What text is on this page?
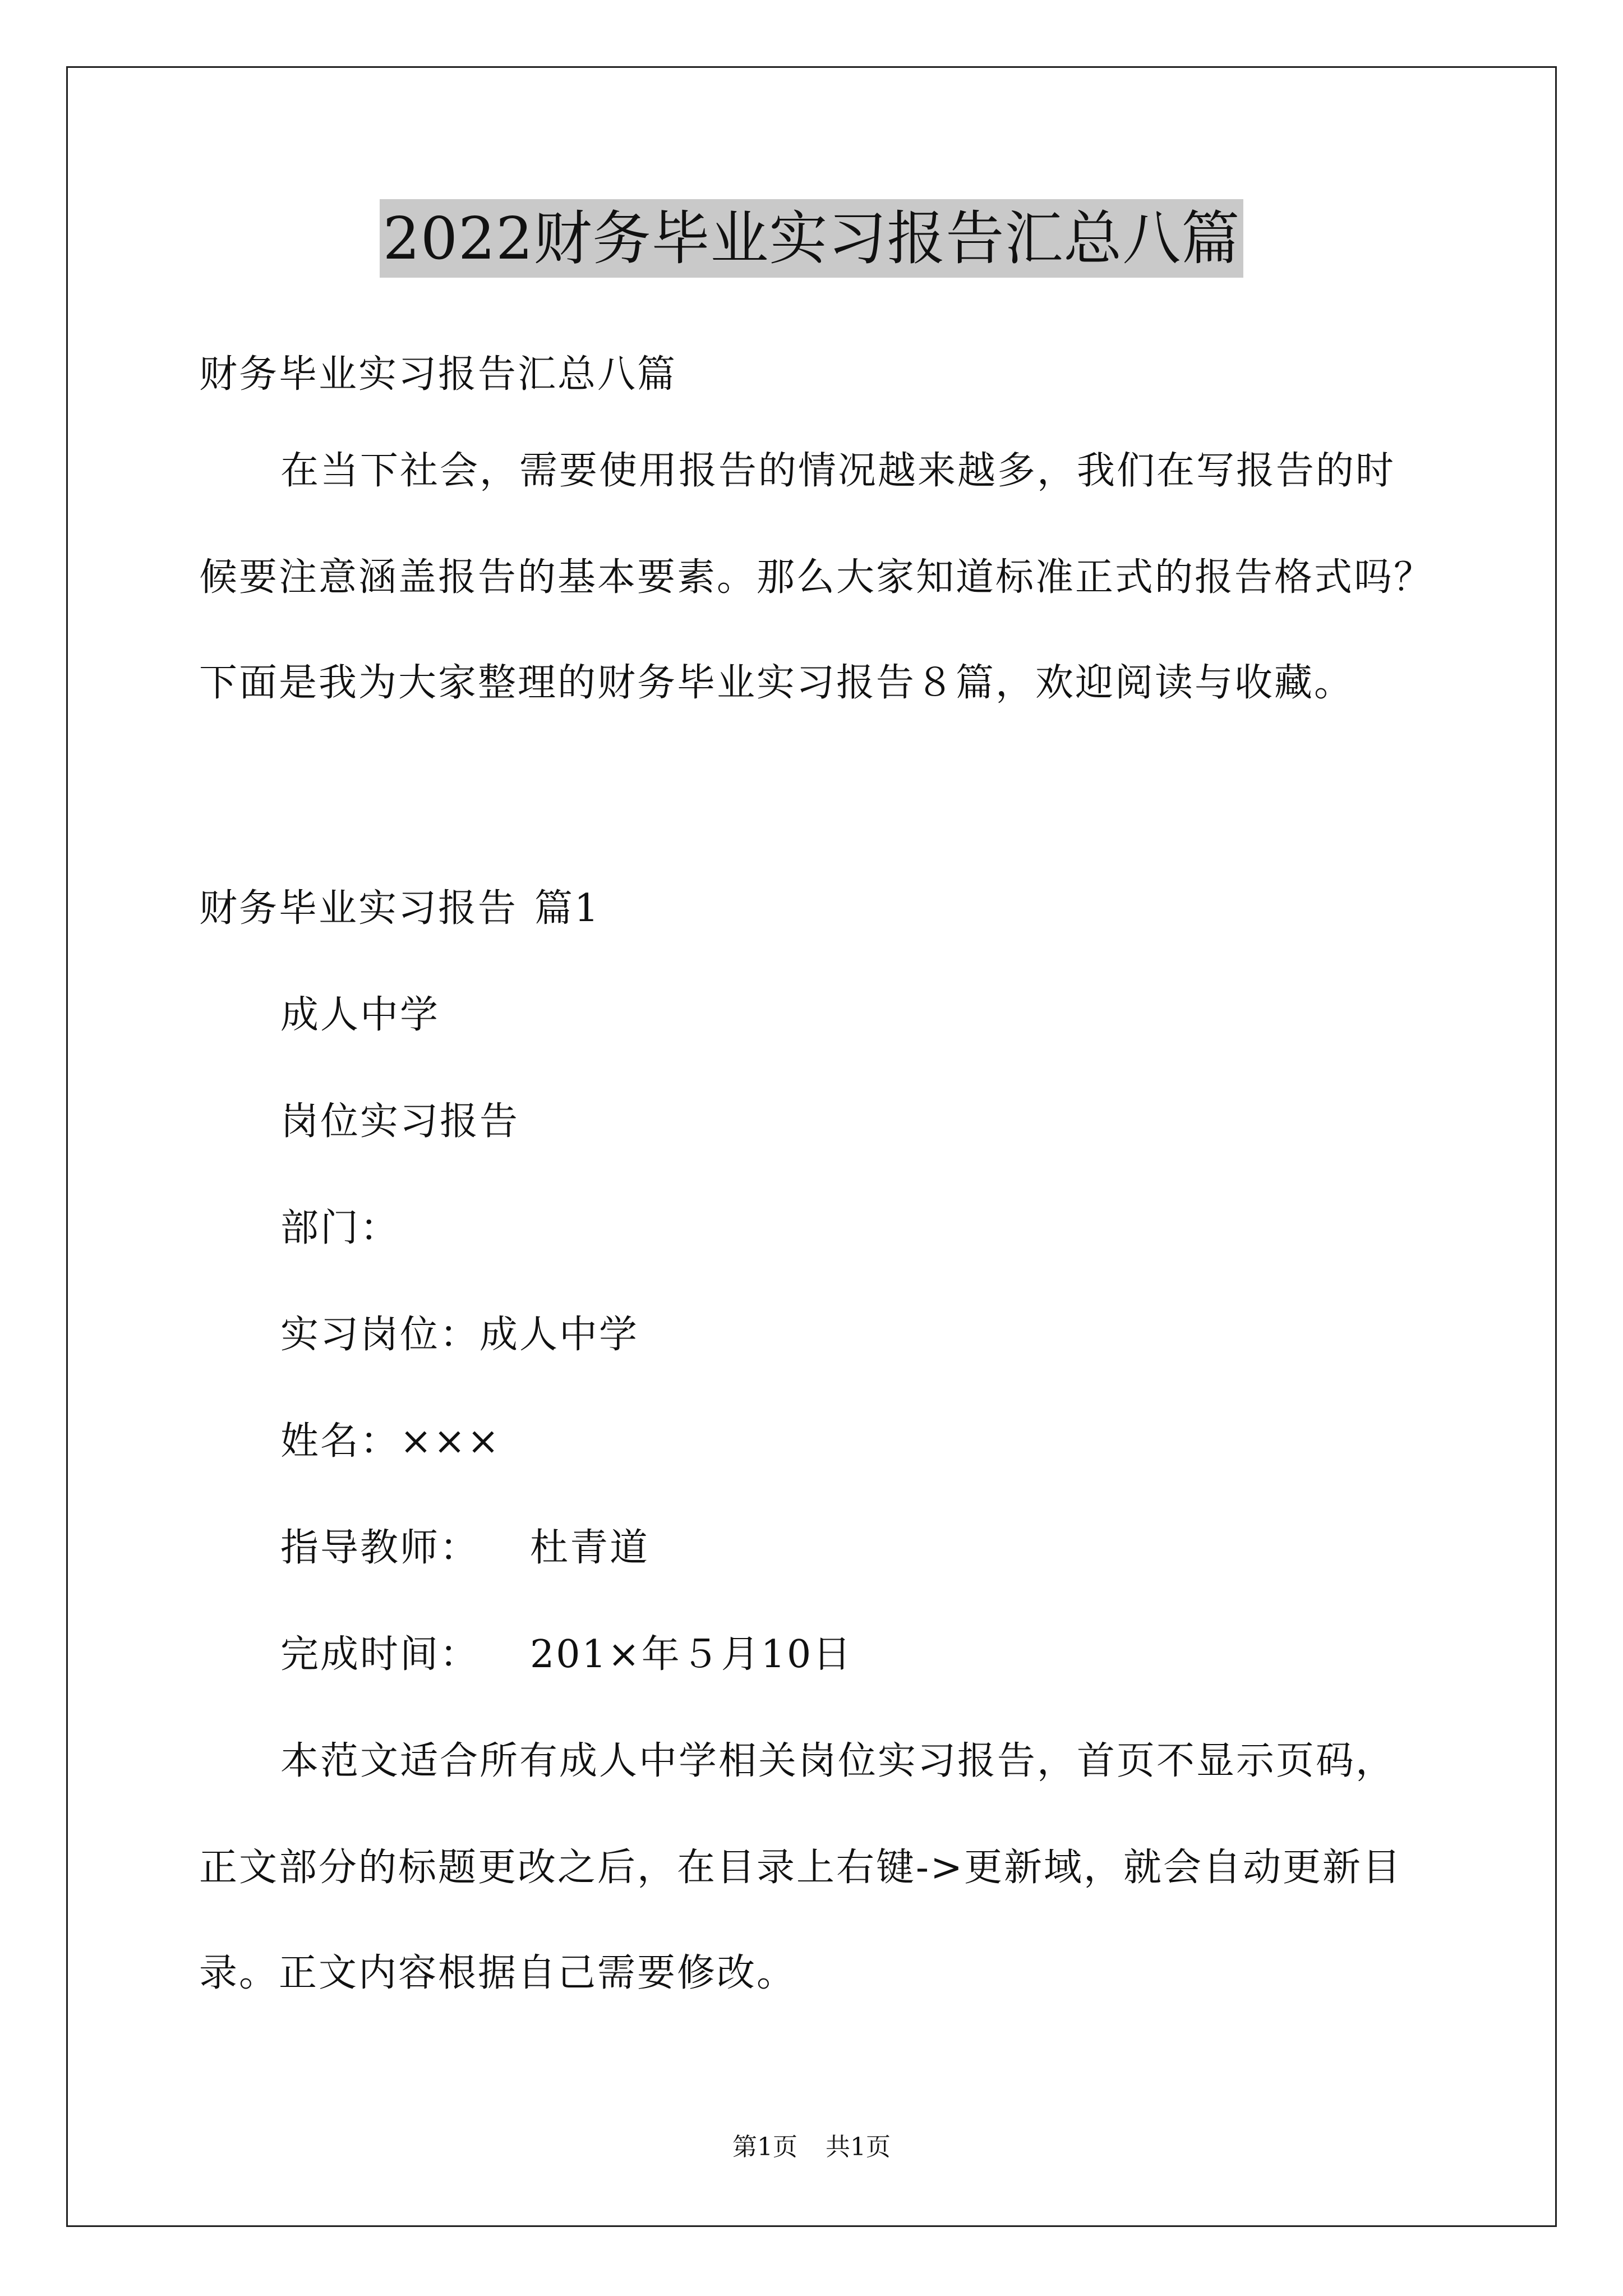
2022财务毕业实习报告汇总八篇
财务毕业实习报告汇总八篇
在当下社会，需要使用报告的情况越来越多，我们在写报告的时
候要注意涵盖报告的基本要素。那么大家知道标准正式的报告格式吗？
下面是我为大家整理的财务毕业实习报告８篇，欢迎阅读与收藏。
财务毕业实习报告 篇1
成人中学
岗位实习报告
部门：
实习岗位：成人中学
姓名：×××
指导教师： 杜青道
完成时间： 201×年５月10日
本范文适合所有成人中学相关岗位实习报告，首页不显示页码，
正文部分的标题更改之后，在目录上右键->更新域，就会自动更新目
录。正文内容根据自己需要修改。
第1页 共1页
